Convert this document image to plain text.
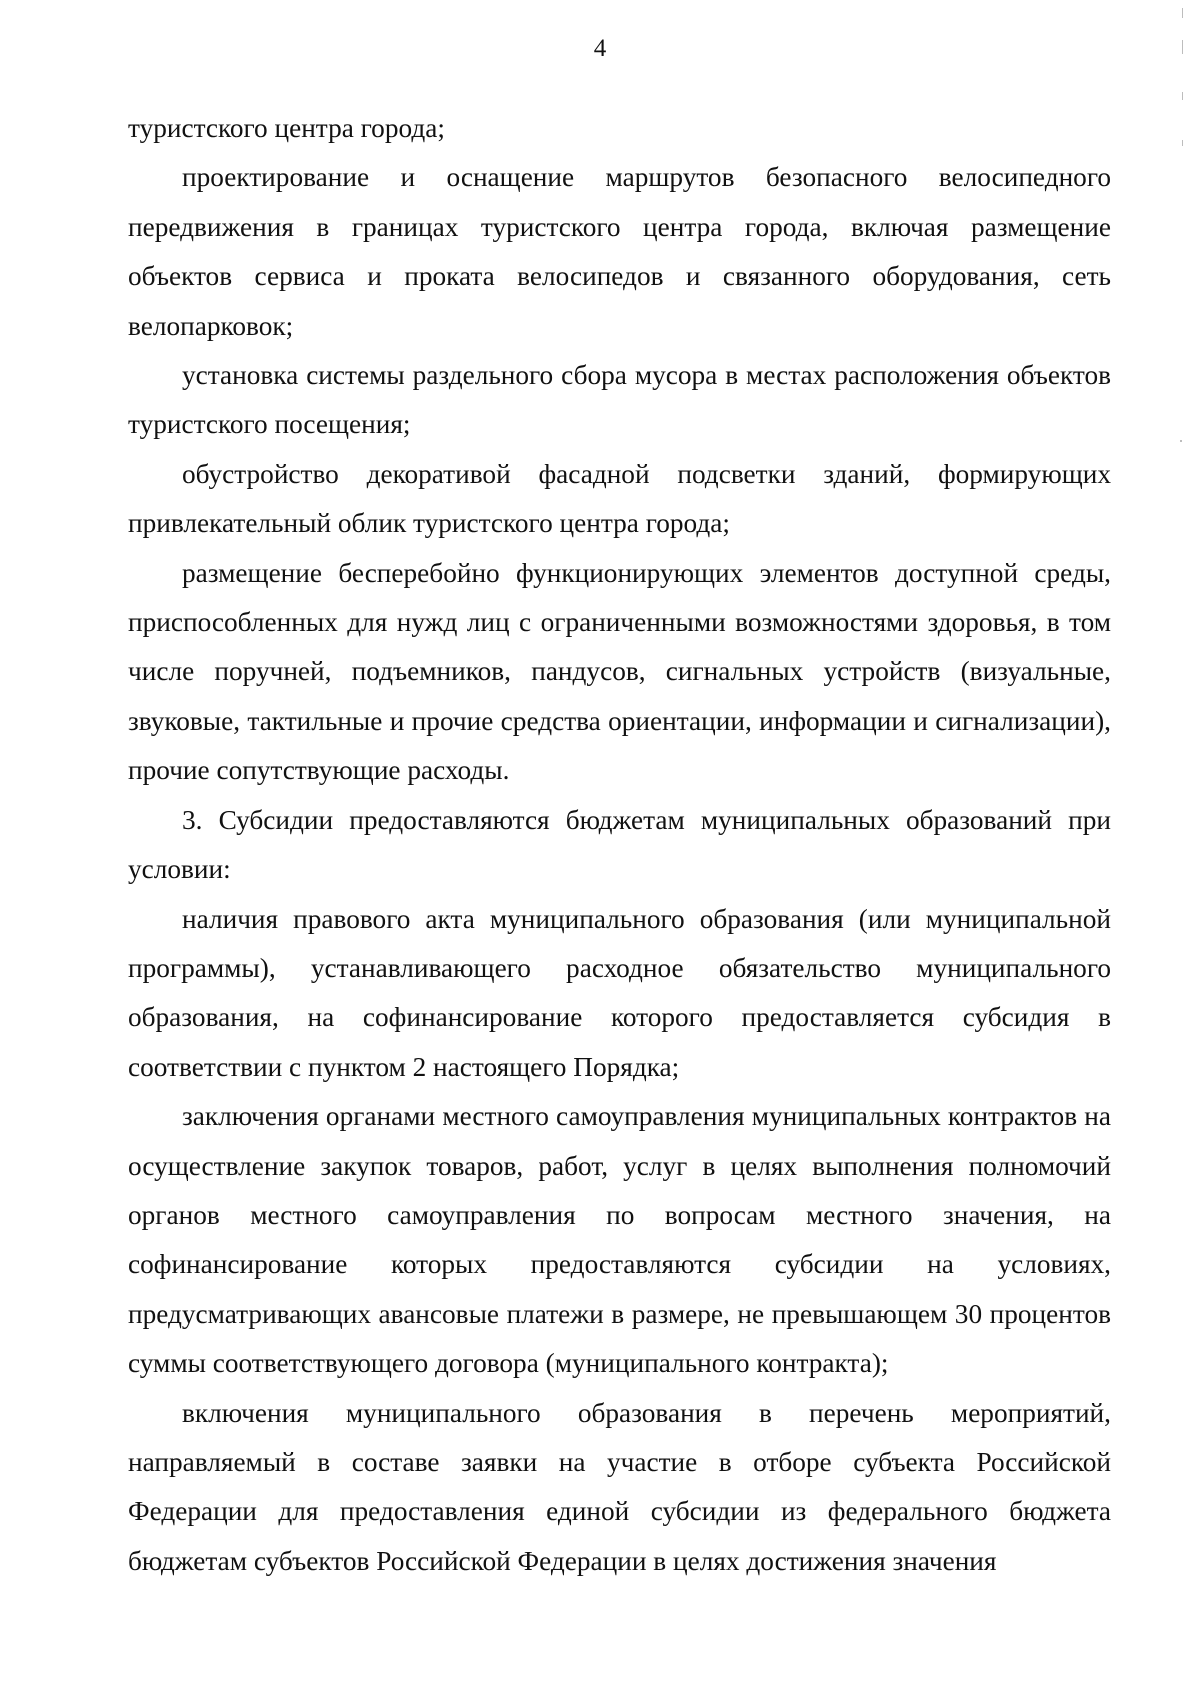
4

туристского центра города;

проектирование и оснащение маршрутов безопасного велосипедного передвижения в границах туристского центра города, включая размещение объектов сервиса и проката велосипедов и связанного оборудования, сеть велопарковок;

установка системы раздельного сбора мусора в местах расположения объектов туристского посещения;

обустройство декоративой фасадной подсветки зданий, формирующих привлекательный облик туристского центра города;

размещение бесперебойно функционирующих элементов доступной среды, приспособленных для нужд лиц с ограниченными возможностями здоровья, в том числе поручней, подъемников, пандусов, сигнальных устройств (визуальные, звуковые, тактильные и прочие средства ориентации, информации и сигнализации), прочие сопутствующие расходы.

3. Субсидии предоставляются бюджетам муниципальных образований при условии:

наличия правового акта муниципального образования (или муниципальной программы), устанавливающего расходное обязательство муниципального образования, на софинансирование которого предоставляется субсидия в соответствии с пунктом 2 настоящего Порядка;

заключения органами местного самоуправления муниципальных контрактов на осуществление закупок товаров, работ, услуг в целях выполнения полномочий органов местного самоуправления по вопросам местного значения, на софинансирование которых предоставляются субсидии на условиях, предусматривающих авансовые платежи в размере, не превышающем 30 процентов суммы соответствующего договора (муниципального контракта);

включения муниципального образования в перечень мероприятий, направляемый в составе заявки на участие в отборе субъекта Российской Федерации для предоставления единой субсидии из федерального бюджета бюджетам субъектов Российской Федерации в целях достижения значения
